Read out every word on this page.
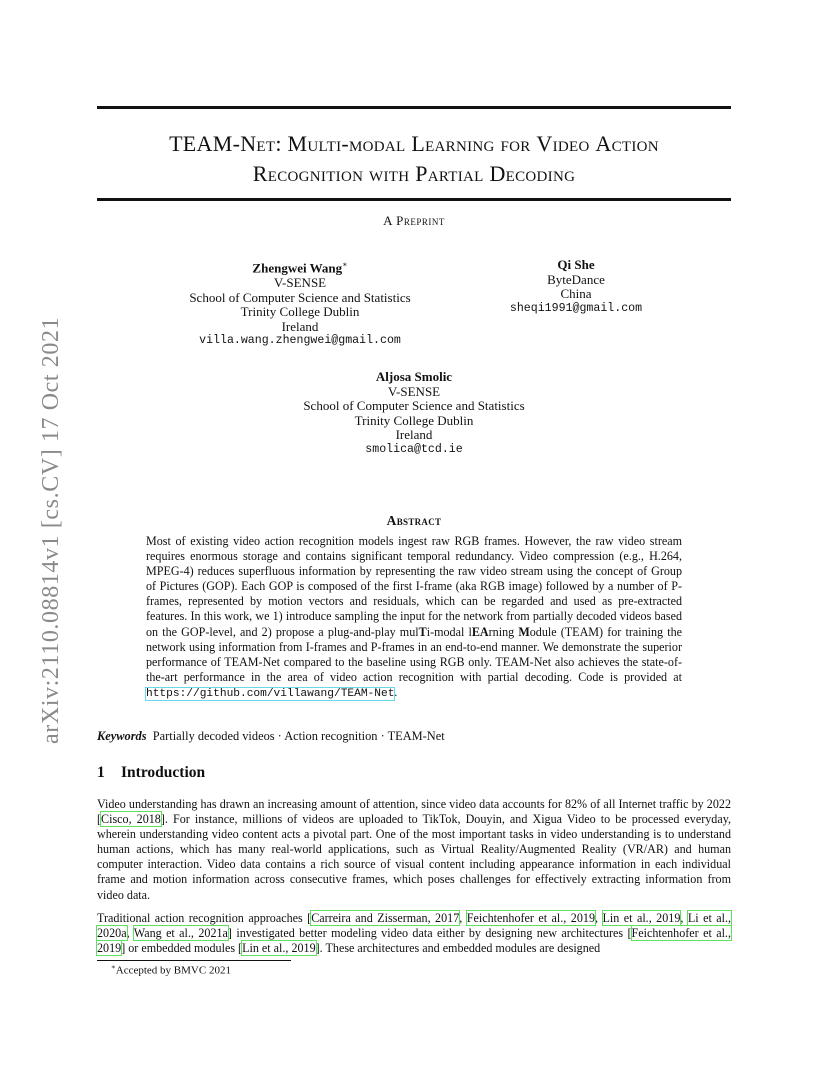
arXiv:2110.08814v1 [cs.CV] 17 Oct 2021
TEAM-Net: Multi-modal Learning for Video Action
Recognition with Partial Decoding
A Preprint
Zhengwei Wang∗
V-SENSE
School of Computer Science and Statistics
Trinity College Dublin
Ireland
villa.wang.zhengwei@gmail.com
Qi She
ByteDance
China
sheqi1991@gmail.com
Aljosa Smolic
V-SENSE
School of Computer Science and Statistics
Trinity College Dublin
Ireland
smolica@tcd.ie
Abstract
Most of existing video action recognition models ingest raw RGB frames. However, the raw video stream requires enormous storage and contains significant temporal redundancy. Video compression (e.g., H.264, MPEG-4) reduces superfluous information by representing the raw video stream using the concept of Group of Pictures (GOP). Each GOP is composed of the first I-frame (aka RGB image) followed by a number of P-frames, represented by motion vectors and residuals, which can be regarded and used as pre-extracted features. In this work, we 1) introduce sampling the input for the network from partially decoded videos based on the GOP-level, and 2) propose a plug-and-play mulTi-modal lEArning Module (TEAM) for training the network using information from I-frames and P-frames in an end-to-end manner. We demonstrate the superior performance of TEAM-Net compared to the baseline using RGB only. TEAM-Net also achieves the state-of-the-art performance in the area of video action recognition with partial decoding. Code is provided at https://github.com/villawang/TEAM-Net.
Keywords Partially decoded videos · Action recognition · TEAM-Net
1 Introduction
Video understanding has drawn an increasing amount of attention, since video data accounts for 82% of all Internet traffic by 2022 [Cisco, 2018]. For instance, millions of videos are uploaded to TikTok, Douyin, and Xigua Video to be processed everyday, wherein understanding video content acts a pivotal part. One of the most important tasks in video understanding is to understand human actions, which has many real-world applications, such as Virtual Reality/Augmented Reality (VR/AR) and human computer interaction. Video data contains a rich source of visual content including appearance information in each individual frame and motion information across consecutive frames, which poses challenges for effectively extracting information from video data.
Traditional action recognition approaches [Carreira and Zisserman, 2017, Feichtenhofer et al., 2019, Lin et al., 2019, Li et al., 2020a, Wang et al., 2021a] investigated better modeling video data either by designing new architectures [Feichtenhofer et al., 2019] or embedded modules [Lin et al., 2019]. These architectures and embedded modules are designed
∗Accepted by BMVC 2021
